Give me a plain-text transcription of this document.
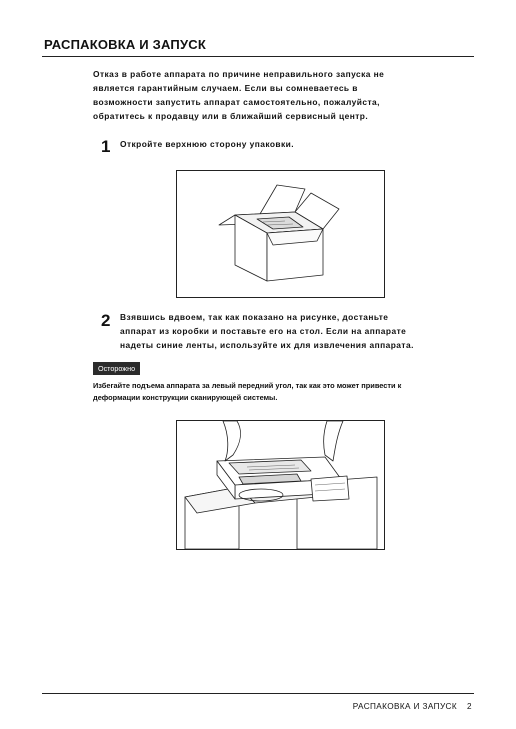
РАСПАКОВКА И ЗАПУСК
Отказ в работе аппарата по причине неправильного запуска не
является гарантийным случаем. Если вы сомневаетесь в
возможности запустить аппарат самостоятельно, пожалуйста,
обратитесь к продавцу или в ближайший сервисный центр.
1 Откройте верхнюю сторону упаковки.
2 Взявшись вдвоем, так как показано на рисунке, достаньте
аппарат из коробки и поставьте его на стол. Если на аппарате
надеты синие ленты, используйте их для извлечения аппарата.
Осторожно
Избегайте подъема аппарата за левый передний угол, так как это может привести к
деформации конструкции сканирующей системы.
РАСПАКОВКА И ЗАПУСК 2
